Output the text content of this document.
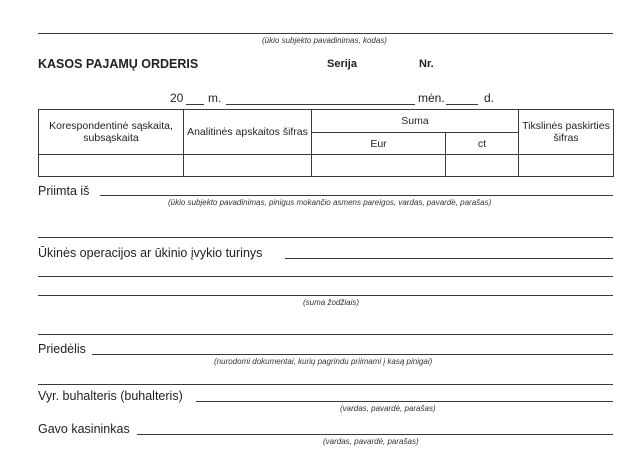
(ūkio subjekto pavadinimas, kodas)
KASOS PAJAMŲ ORDERIS	Serija	Nr.
20 m.	mėn.	d.
Korespondentinė sąskaita, subsąskaita	Analitinės apskaitos šifras	Suma		Tikslinės paskirties šifras
		Eur	ct	

Priimta iš
(ūkio subjekto pavadinimas, pinigus mokančio asmens pareigos, vardas, pavardė, parašas)
Ūkinės operacijos ar ūkinio įvykio turinys
(suma žodžiais)
Priedėlis
(nurodomi dokumentai, kurių pagrindu priimami į kasą pinigai)
Vyr. buhalteris (buhalteris)
(vardas, pavardė, parašas)
Gavo kasininkas
(vardas, pavardė, parašas)
